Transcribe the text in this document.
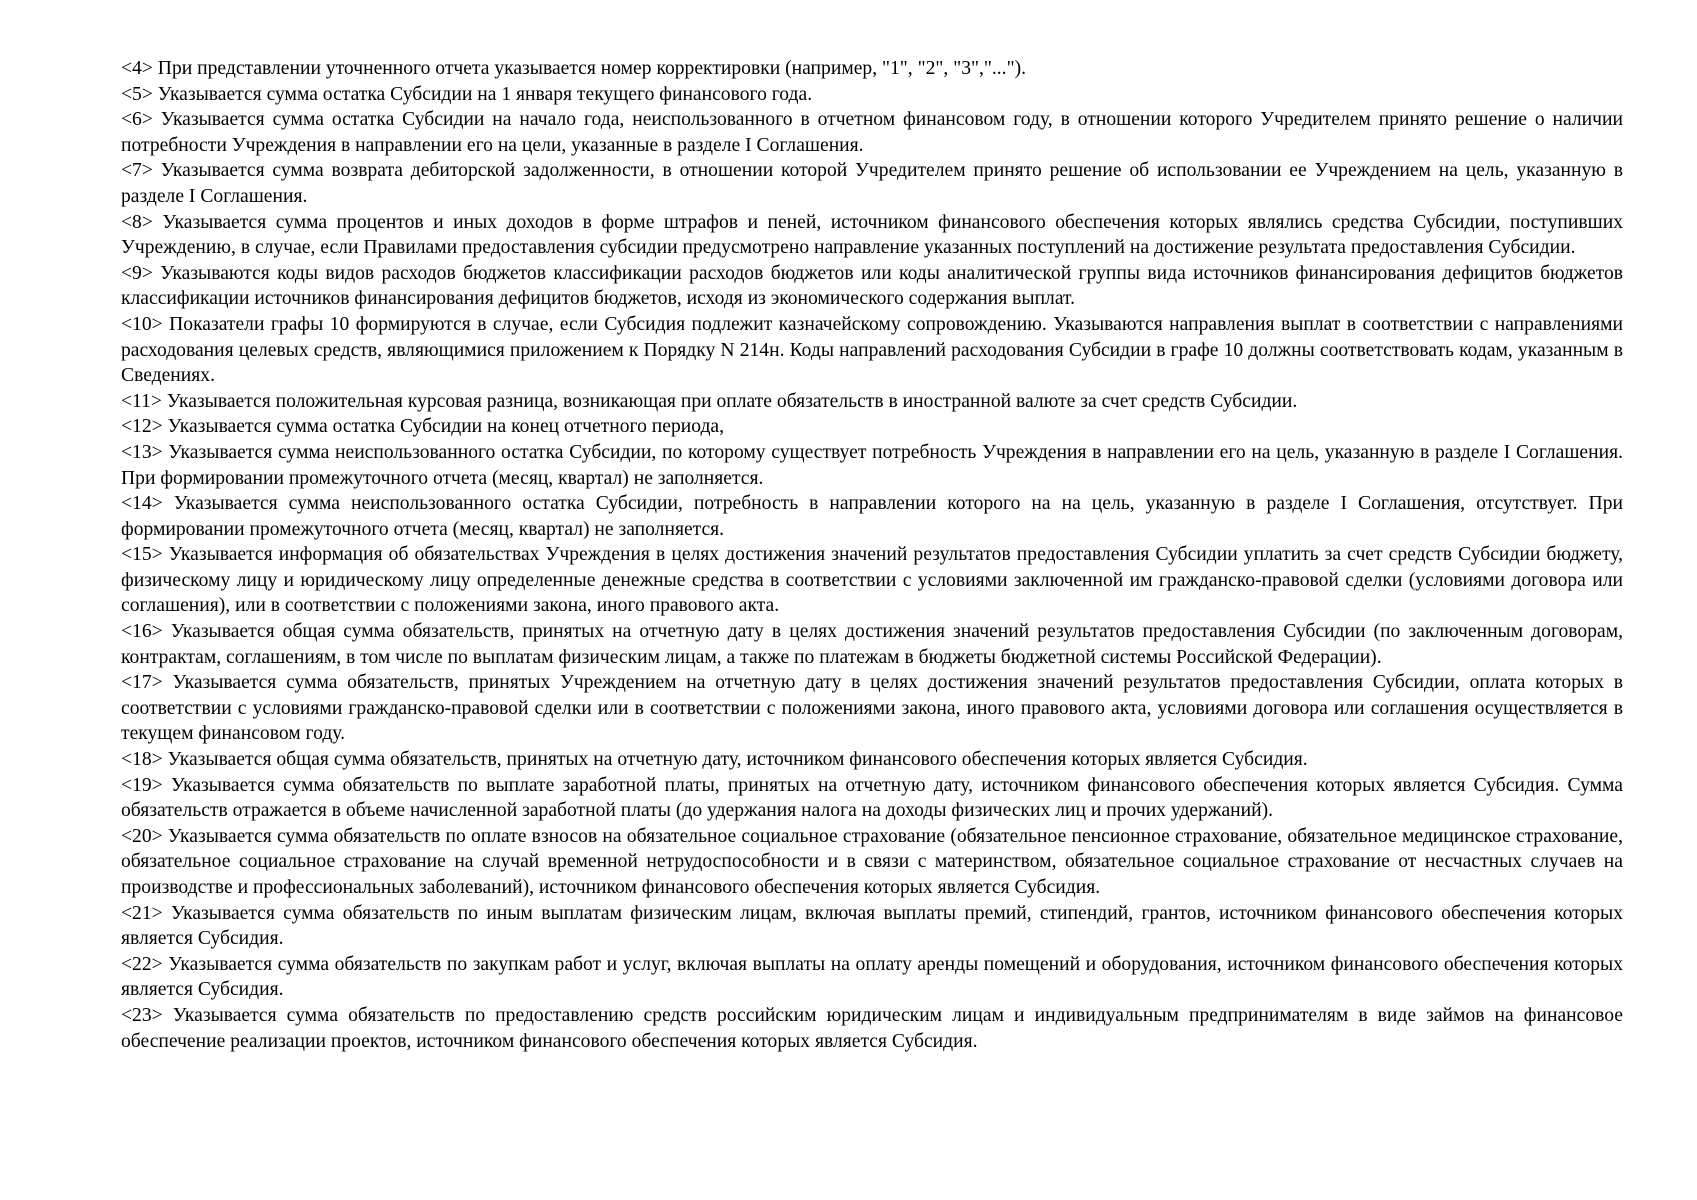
<4> При представлении уточненного отчета указывается номер корректировки (например, "1", "2", "3","...").

<5> Указывается сумма остатка Субсидии на 1 января текущего финансового года.

<6> Указывается сумма остатка Субсидии на начало года, неиспользованного в отчетном финансовом году, в отношении которого Учредителем принято решение о наличии потребности Учреждения в направлении его на цели, указанные в разделе I Соглашения.

<7> Указывается сумма возврата дебиторской задолженности, в отношении которой Учредителем принято решение об использовании ее Учреждением на цель, указанную в разделе I Соглашения.

<8> Указывается сумма процентов и иных доходов в форме штрафов и пеней, источником финансового обеспечения которых являлись средства Субсидии, поступивших Учреждению, в случае, если Правилами предоставления субсидии предусмотрено направление указанных поступлений на достижение результата предоставления Субсидии.

<9> Указываются коды видов расходов бюджетов классификации расходов бюджетов или коды аналитической группы вида источников финансирования дефицитов бюджетов классификации источников финансирования дефицитов бюджетов, исходя из экономического содержания выплат.

<10> Показатели графы 10 формируются в случае, если Субсидия подлежит казначейскому сопровождению. Указываются направления выплат в соответствии с направлениями расходования целевых средств, являющимися приложением к Порядку N 214н. Коды направлений расходования Субсидии в графе 10 должны соответствовать кодам, указанным в Сведениях.

<11> Указывается положительная курсовая разница, возникающая при оплате обязательств в иностранной валюте за счет средств Субсидии.

<12> Указывается сумма остатка Субсидии на конец отчетного периода,

<13> Указывается сумма неиспользованного остатка Субсидии, по которому существует потребность Учреждения в направлении его на цель, указанную в разделе I Соглашения. При формировании промежуточного отчета (месяц, квартал) не заполняется.

<14> Указывается сумма неиспользованного остатка Субсидии, потребность в направлении которого на на цель, указанную в разделе I Соглашения, отсутствует. При формировании промежуточного отчета (месяц, квартал) не заполняется.

<15> Указывается информация об обязательствах Учреждения в целях достижения значений результатов предоставления Субсидии уплатить за счет средств Субсидии бюджету, физическому лицу и юридическому лицу определенные денежные средства в соответствии с условиями заключенной им гражданско-правовой сделки (условиями договора или соглашения), или в соответствии с положениями закона, иного правового акта.

<16> Указывается общая сумма обязательств, принятых на отчетную дату в целях достижения значений результатов предоставления Субсидии (по заключенным договорам, контрактам, соглашениям, в том числе по выплатам физическим лицам, а также по платежам в бюджеты бюджетной системы Российской Федерации).

<17> Указывается сумма обязательств, принятых Учреждением на отчетную дату в целях достижения значений результатов предоставления Субсидии, оплата которых в соответствии с условиями гражданско-правовой сделки или в соответствии с положениями закона, иного правового акта, условиями договора или соглашения осуществляется в текущем финансовом году.

<18> Указывается общая сумма обязательств, принятых на отчетную дату, источником финансового обеспечения которых является Субсидия.

<19> Указывается сумма обязательств по выплате заработной платы, принятых на отчетную дату, источником финансового обеспечения которых является Субсидия. Сумма обязательств отражается в объеме начисленной заработной платы (до удержания налога на доходы физических лиц и прочих удержаний).

<20> Указывается сумма обязательств по оплате взносов на обязательное социальное страхование (обязательное пенсионное страхование, обязательное медицинское страхование, обязательное социальное страхование на случай временной нетрудоспособности и в связи с материнством, обязательное социальное страхование от несчастных случаев на производстве и профессиональных заболеваний), источником финансового обеспечения которых является Субсидия.

<21> Указывается сумма обязательств по иным выплатам физическим лицам, включая выплаты премий, стипендий, грантов, источником финансового обеспечения которых является Субсидия.

<22> Указывается сумма обязательств по закупкам работ и услуг, включая выплаты на оплату аренды помещений и оборудования, источником финансового обеспечения которых является Субсидия.

<23> Указывается сумма обязательств по предоставлению средств российским юридическим лицам и индивидуальным предпринимателям в виде займов на финансовое обеспечение реализации проектов, источником финансового обеспечения которых является Субсидия.
